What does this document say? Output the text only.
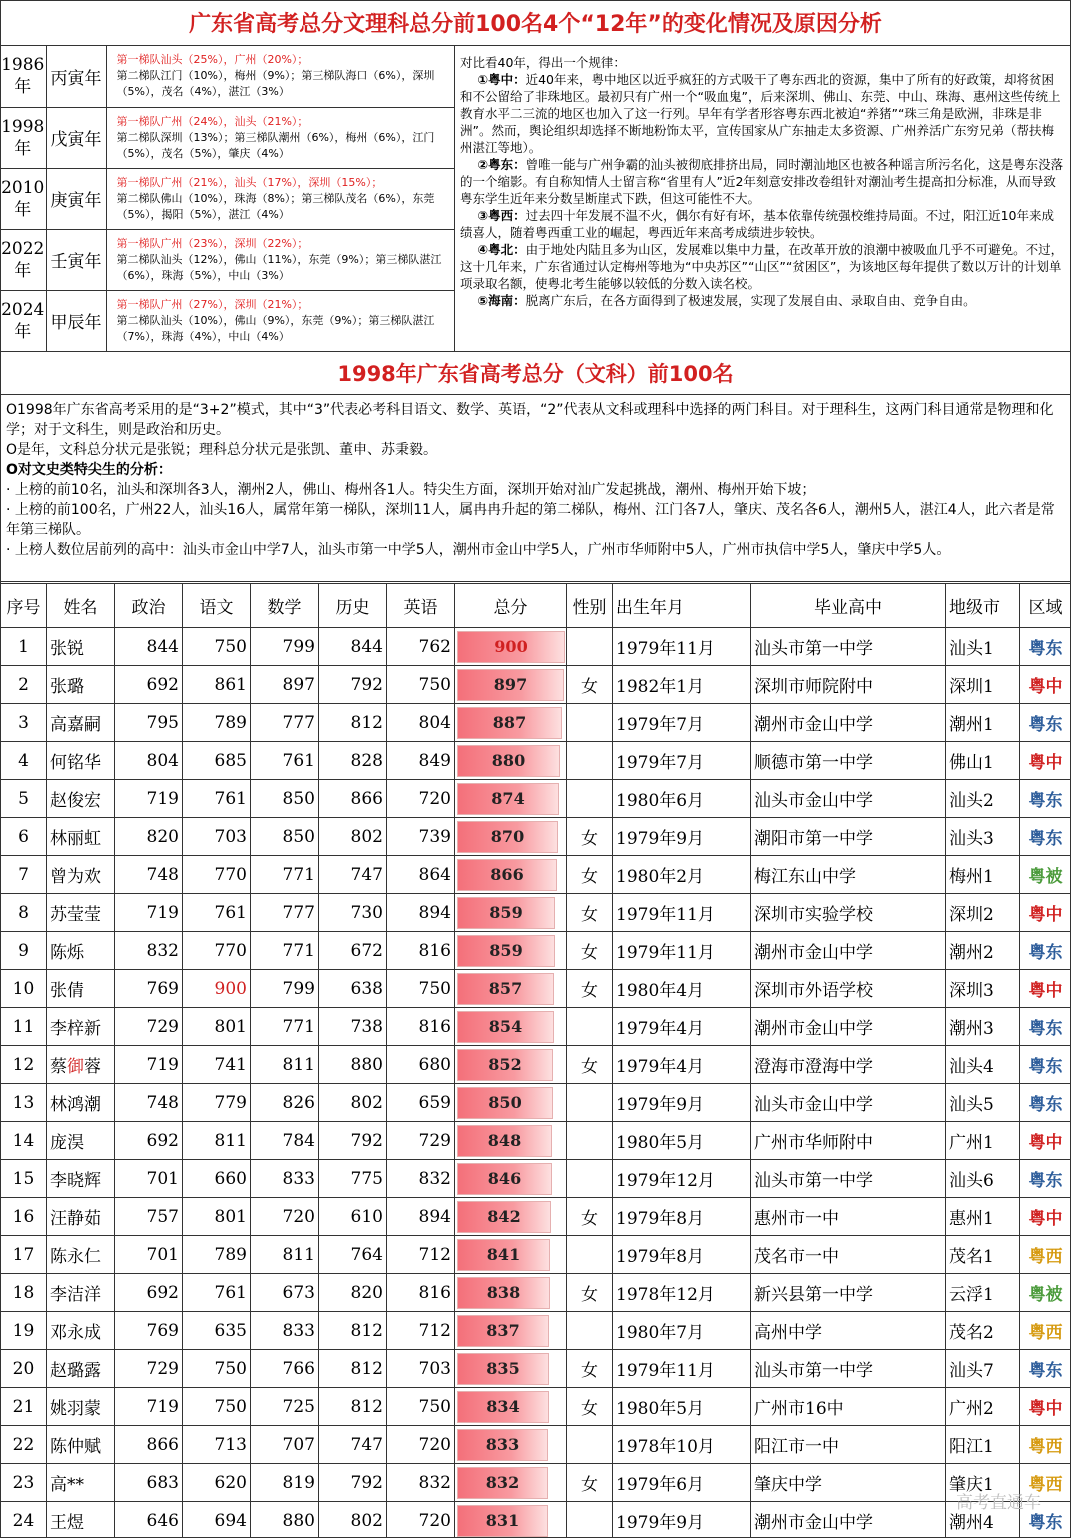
广东省高考总分文理科总分前100名4个“12年”的变化情况及原因分析
1986
年	丙寅年	第一梯队汕头（25%），广州（20%）；
第二梯队江门（10%），梅州（9%）；第三梯队海口（6%），深圳（5%），茂名（4%），湛江（3%）
1998
年	戊寅年	第一梯队广州（24%），汕头（21%）；
第二梯队深圳（13%）；第三梯队潮州（6%），梅州（6%），江门（5%），茂名（5%），肇庆（4%）
2010
年	庚寅年	第一梯队广州（21%），汕头（17%），深圳（15%）；
第二梯队佛山（10%），珠海（8%）；第三梯队茂名（6%），东莞（5%），揭阳（5%），湛江（4%）
2022
年	壬寅年	第一梯队广州（23%），深圳（22%）；
第二梯队汕头（12%），佛山（11%），东莞（9%）；第三梯队湛江（6%），珠海（5%），中山（3%）
2024
年	甲辰年	第一梯队广州（27%），深圳（21%）；
第二梯队汕头（10%），佛山（9%），东莞（9%）；第三梯队湛江（7%），珠海（4%），中山（4%）

对比看40年，得出一个规律：

①粤中：近40年来，粤中地区以近乎疯狂的方式吸干了粤东西北的资源，集中了所有的好政策，却将贫困和不公留给了非珠地区。最初只有广州一个“吸血鬼”，后来深圳、佛山、东莞、中山、珠海、惠州这些传统上教育水平二三流的地区也加入了这一行列。早年有学者形容粤东西北被迫“养猪”“珠三角是欧洲，非珠是非洲”。然而，舆论组织却选择不断地粉饰太平，宣传国家从广东抽走太多资源、广州养活广东穷兄弟（帮扶梅州湛江等地）。

②粤东：曾唯一能与广州争霸的汕头被彻底排挤出局，同时潮汕地区也被各种谣言所污名化，这是粤东没落的一个缩影。有自称知情人士留言称“省里有人”近2年刻意安排改卷组针对潮汕考生提高扣分标准，从而导致粤东学生近年来分数呈断崖式下跌，但这可能性不大。

③粤西：过去四十年发展不温不火，偶尔有好有坏，基本依靠传统强校维持局面。不过，阳江近10年来成绩喜人，随着粤西重工业的崛起，粤西近年来高考成绩进步较快。

④粤北：由于地处内陆且多为山区，发展难以集中力量，在改革开放的浪潮中被吸血几乎不可避免。不过，这十几年来，广东省通过认定梅州等地为“中央苏区”“山区”“贫困区”，为该地区每年提供了数以万计的计划单项录取名额，使粤北考生能够以较低的分数入读名校。

⑤海南：脱离广东后，在各方面得到了极速发展，实现了发展自由、录取自由、竞争自由。

1998年广东省高考总分（文科）前100名

O1998年广东省高考采用的是“3+2”模式，其中“3”代表必考科目语文、数学、英语，“2”代表从文科或理科中选择的两门科目。对于理科生，这两门科目通常是物理和化学；对于文科生，则是政治和历史。

O是年，文科总分状元是张锐；理科总分状元是张凯、董申、苏秉毅。

O对文史类特尖生的分析：

· 上榜的前10名，汕头和深圳各3人，潮州2人，佛山、梅州各1人。特尖生方面，深圳开始对汕广发起挑战，潮州、梅州开始下坡；

· 上榜的前100名，广州22人，汕头16人，属常年第一梯队，深圳11人，属冉冉升起的第二梯队，梅州、江门各7人，肇庆、茂名各6人，潮州5人，湛江4人，此六者是常年第三梯队。

· 上榜人数位居前列的高中：汕头市金山中学7人，汕头市第一中学5人，潮州市金山中学5人，广州市华师附中5人，广州市执信中学5人，肇庆中学5人。

序号	姓名	政治	语文	数学	历史	英语	总分	性别	出生年月	毕业高中	地级市	区域
1	张锐	844	750	799	844	762	900		1979年11月	汕头市第一中学	汕头1	粤东
2	张璐	692	861	897	792	750	897	女	1982年1月	深圳市师院附中	深圳1	粤中
3	高嘉嗣	795	789	777	812	804	887		1979年7月	潮州市金山中学	潮州1	粤东
4	何铭华	804	685	761	828	849	880		1979年7月	顺德市第一中学	佛山1	粤中
5	赵俊宏	719	761	850	866	720	874		1980年6月	汕头市金山中学	汕头2	粤东
6	林丽虹	820	703	850	802	739	870	女	1979年9月	潮阳市第一中学	汕头3	粤东
7	曾为欢	748	770	771	747	864	866	女	1980年2月	梅江东山中学	梅州1	粤被
8	苏莹莹	719	761	777	730	894	859	女	1979年11月	深圳市实验学校	深圳2	粤中
9	陈烁	832	770	771	672	816	859	女	1979年11月	潮州市金山中学	潮州2	粤东
10	张倩	769	900	799	638	750	857	女	1980年4月	深圳市外语学校	深圳3	粤中
11	李梓新	729	801	771	738	816	854		1979年4月	潮州市金山中学	潮州3	粤东
12	蔡御蓉	719	741	811	880	680	852	女	1979年4月	澄海市澄海中学	汕头4	粤东
13	林鸿潮	748	779	826	802	659	850		1979年9月	汕头市金山中学	汕头5	粤东
14	庞淏	692	811	784	792	729	848		1980年5月	广州市华师附中	广州1	粤中
15	李晓辉	701	660	833	775	832	846		1979年12月	汕头市第一中学	汕头6	粤东
16	汪静茹	757	801	720	610	894	842	女	1979年8月	惠州市一中	惠州1	粤中
17	陈永仁	701	789	811	764	712	841		1979年8月	茂名市一中	茂名1	粤西
18	李洁洋	692	761	673	820	816	838	女	1978年12月	新兴县第一中学	云浮1	粤被
19	邓永成	769	635	833	812	712	837		1980年7月	高州中学	茂名2	粤西
20	赵璐露	729	750	766	812	703	835	女	1979年11月	汕头市第一中学	汕头7	粤东
21	姚羽蒙	719	750	725	812	750	834	女	1980年5月	广州市16中	广州2	粤中
22	陈仲赋	866	713	707	747	720	833		1978年10月	阳江市一中	阳江1	粤西
23	高**	683	620	819	792	832	832	女	1979年6月	肇庆中学	肇庆1	粤西
24	王煜	646	694	880	802	720	831		1979年9月	潮州市金山中学	潮州4	粤东
高考直通车
